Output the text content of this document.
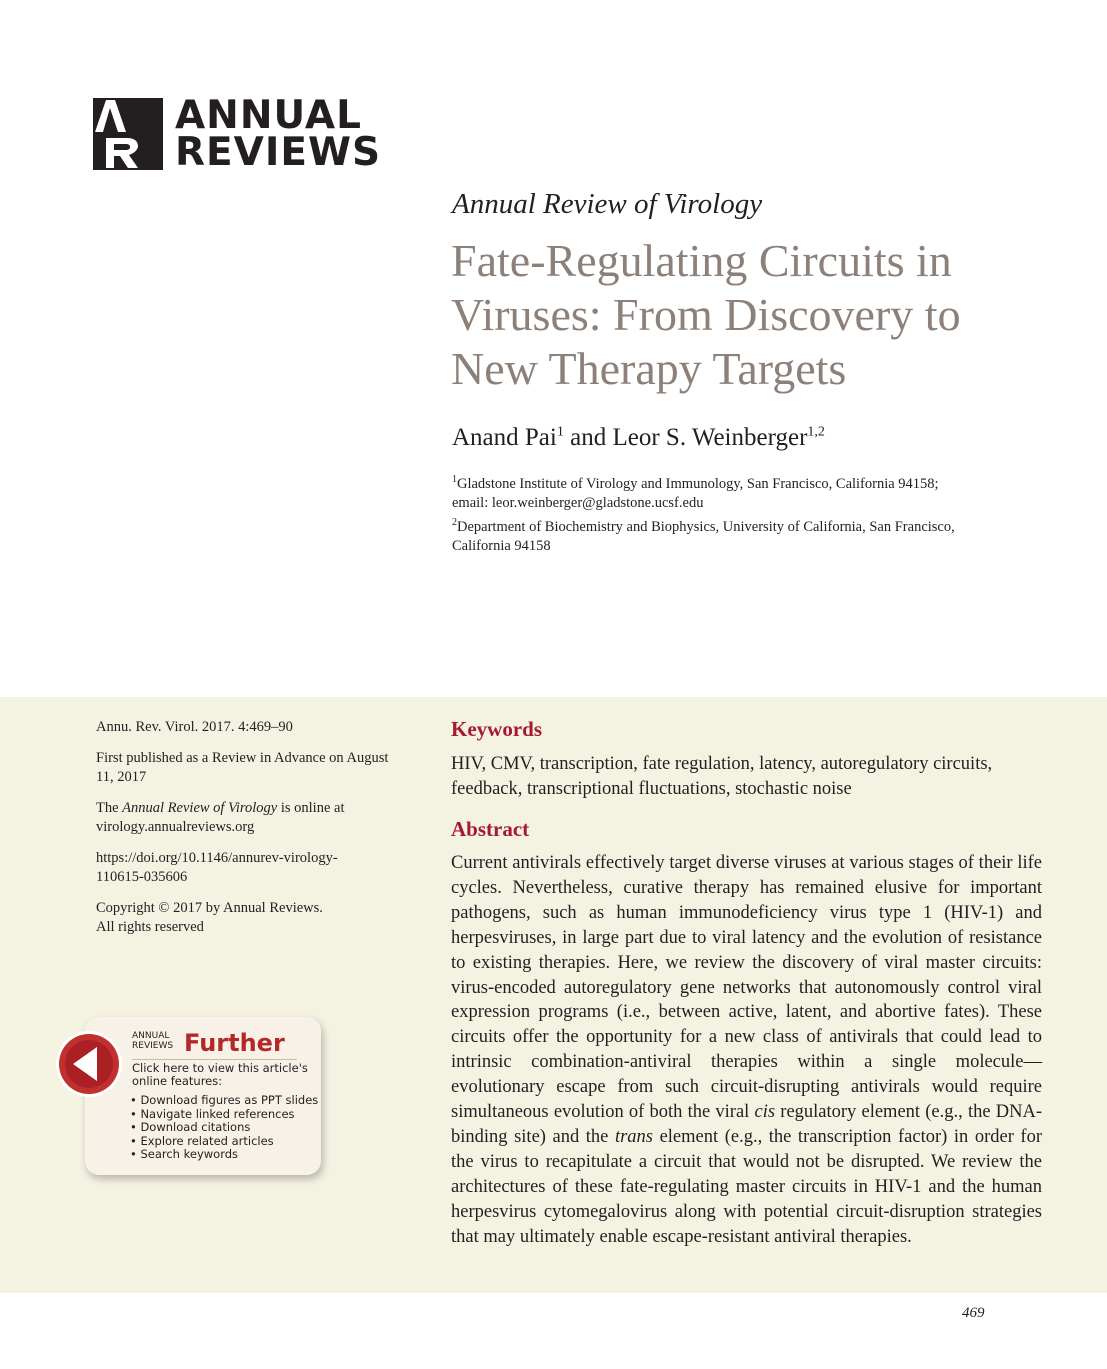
ANNUAL
REVIEWS
Annual Review of Virology
Fate-Regulating Circuits in
Viruses: From Discovery to
New Therapy Targets
Anand Pai$^1$ and Leor S. Weinberger$^{1,2}$
$^1$Gladstone Institute of Virology and Immunology, San Francisco, California 94158;
email: leor.weinberger@gladstone.ucsf.edu
$^2$Department of Biochemistry and Biophysics, University of California, San Francisco,
California 94158
Annu. Rev. Virol. 2017. 4:469–90
First published as a Review in Advance on August
11, 2017
The Annual Review of Virology is online at
virology.annualreviews.org
https://doi.org/10.1146/annurev-virology-
110615-035606
Copyright © 2017 by Annual Reviews.
All rights reserved
ANNUAL
REVIEWS Further
Click here to view this article's
online features:
• Download figures as PPT slides
• Navigate linked references
• Download citations
• Explore related articles
• Search keywords
Keywords
HIV, CMV, transcription, fate regulation, latency, autoregulatory circuits,
feedback, transcriptional fluctuations, stochastic noise
Abstract
Current antivirals effectively target diverse viruses at various stages of their life cycles. Nevertheless, curative therapy has remained elusive for important pathogens, such as human immunodeficiency virus type 1 (HIV-1) and herpesviruses, in large part due to viral latency and the evolution of resistance to existing therapies. Here, we review the discovery of viral master circuits: virus-encoded autoregulatory gene networks that autonomously control viral expression programs (i.e., between active, latent, and abortive fates). These circuits offer the opportunity for a new class of antivirals that could lead to intrinsic combination-antiviral therapies within a single molecule—evolutionary escape from such circuit-disrupting antivirals would require simultaneous evolution of both the viral cis regulatory element (e.g., the DNA-binding site) and the trans element (e.g., the transcription factor) in order for the virus to recapitulate a circuit that would not be disrupted. We review the architectures of these fate-regulating master circuits in HIV-1 and the human herpesvirus cytomegalovirus along with potential circuit-disruption strategies that may ultimately enable escape-resistant antiviral therapies.
469
